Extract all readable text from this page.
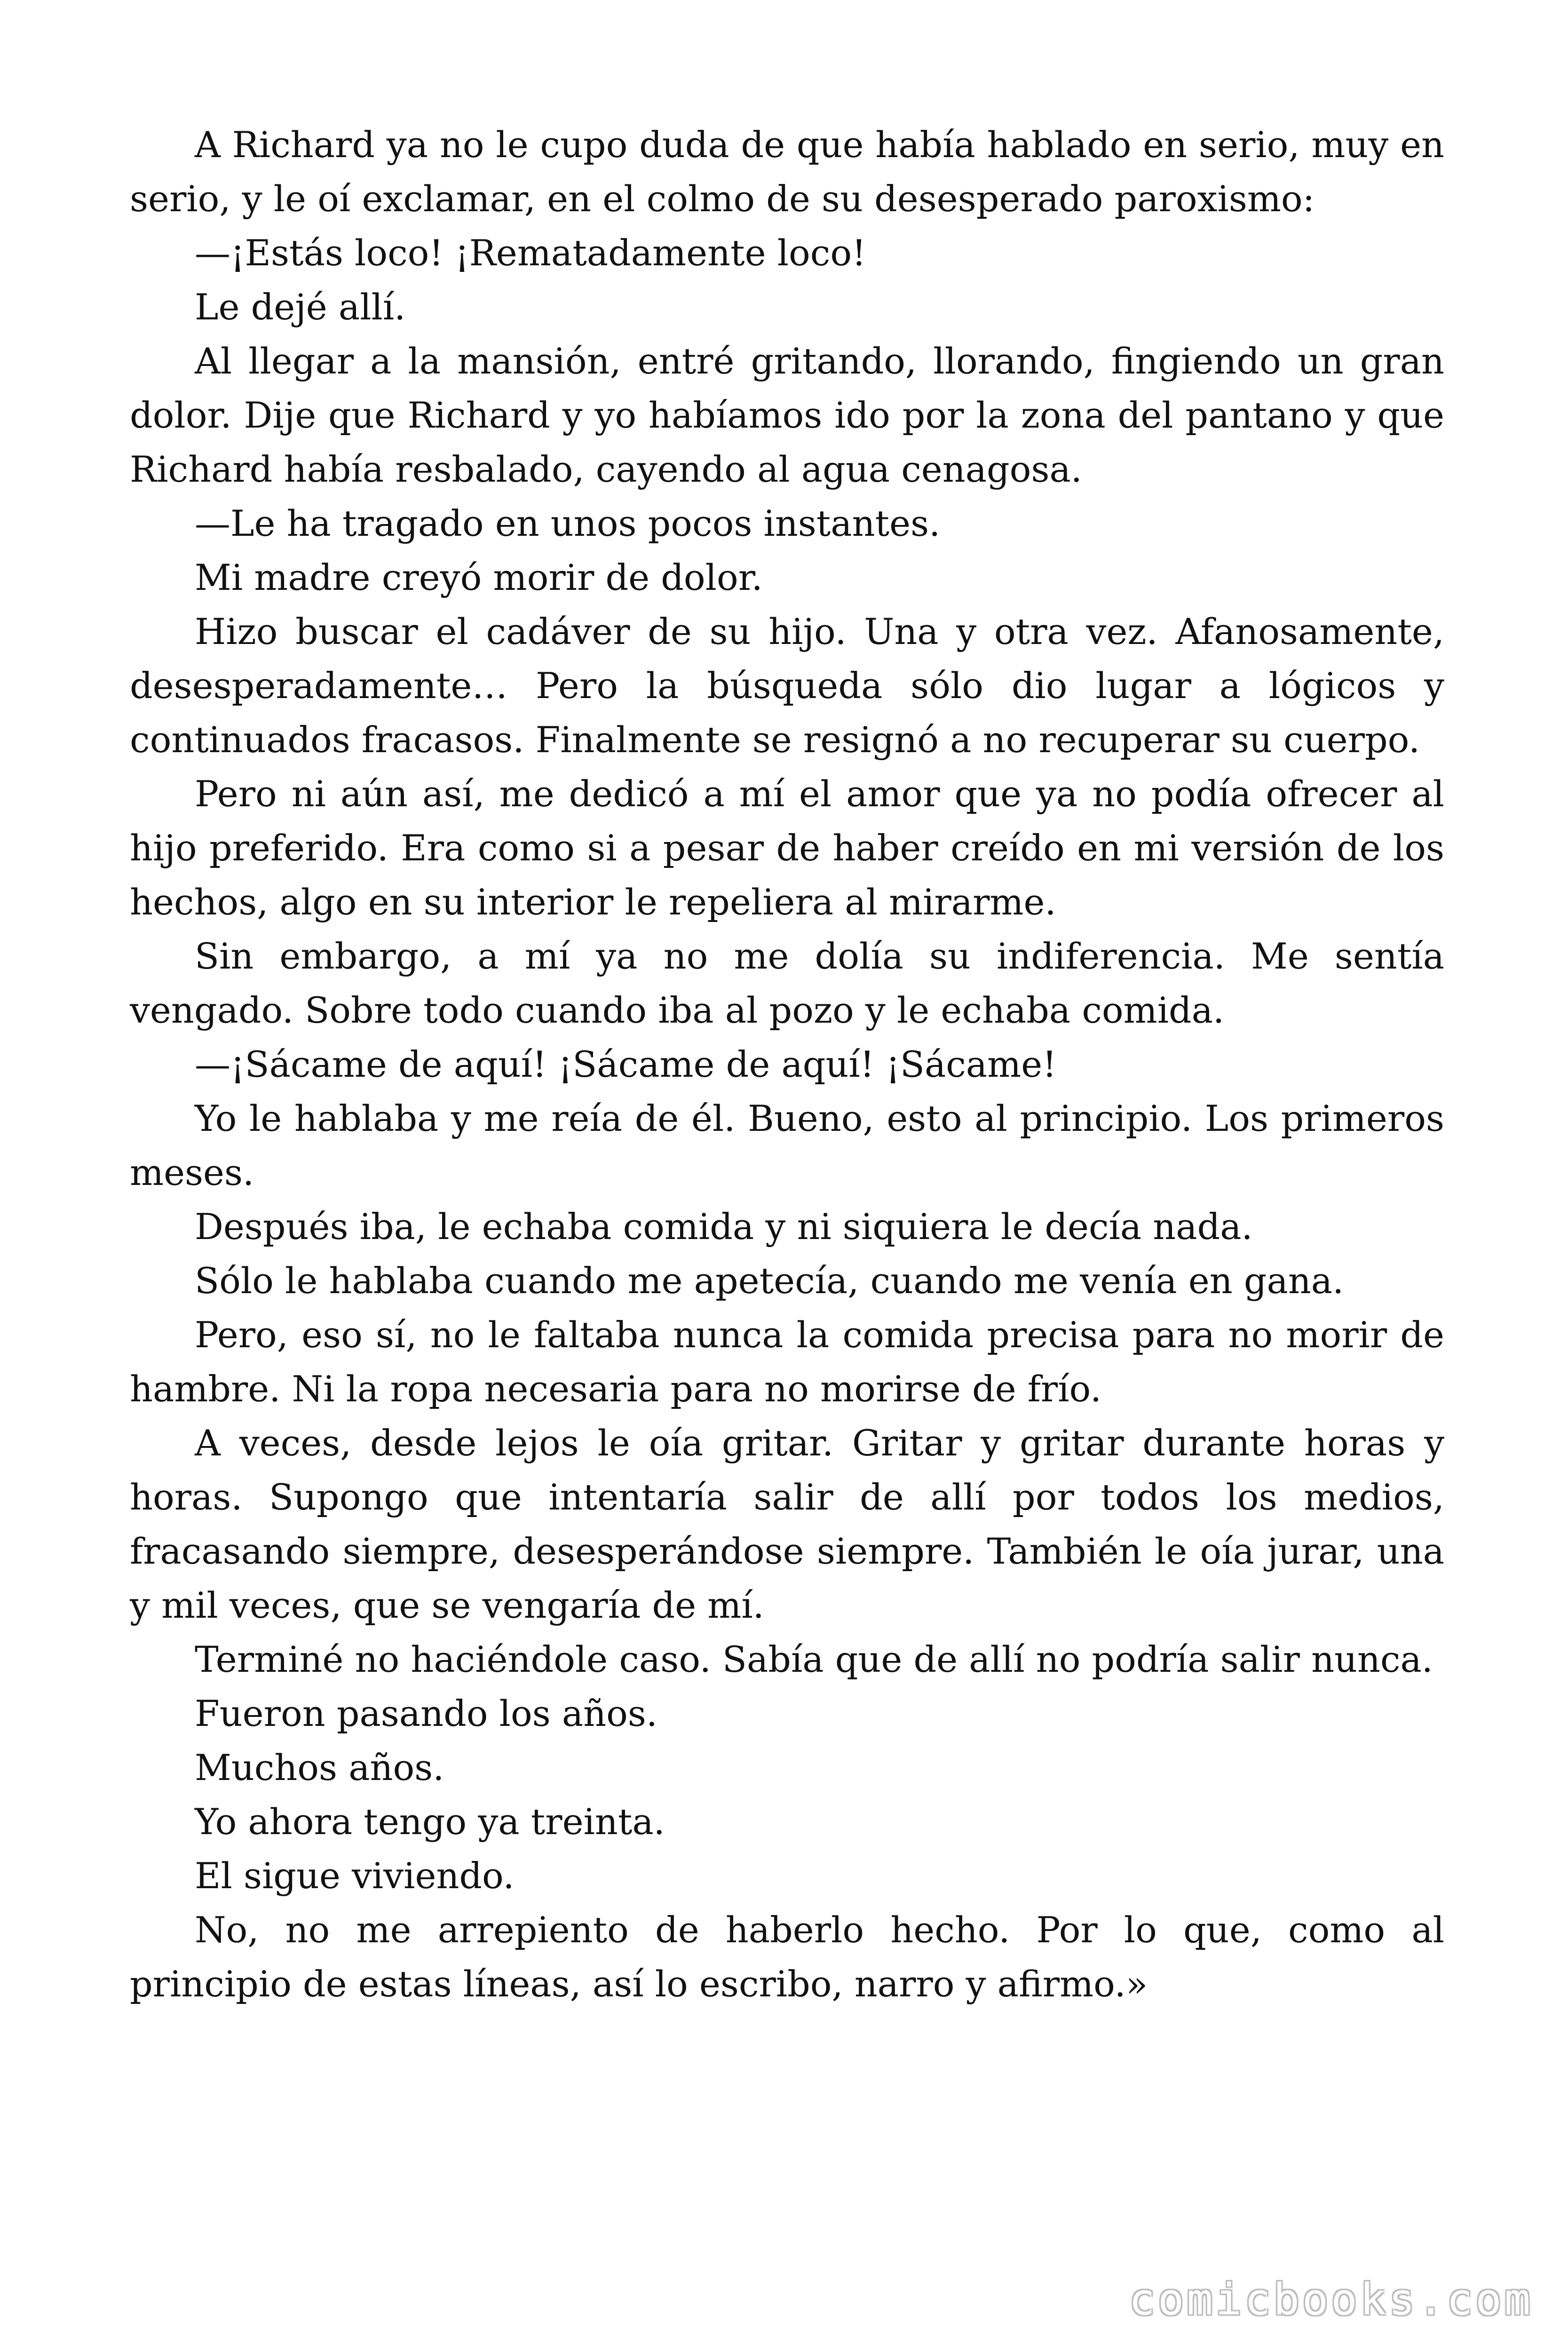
A Richard ya no le cupo duda de que había hablado en serio, muy en serio, y le oí exclamar, en el colmo de su desesperado paroxismo:

—¡Estás loco! ¡Rematadamente loco!

Le dejé allí.

Al llegar a la mansión, entré gritando, llorando, fingiendo un gran dolor. Dije que Richard y yo habíamos ido por la zona del pantano y que Richard había resbalado, cayendo al agua cenagosa.

—Le ha tragado en unos pocos instantes.

Mi madre creyó morir de dolor.

Hizo buscar el cadáver de su hijo. Una y otra vez. Afanosamente, desesperadamente… Pero la búsqueda sólo dio lugar a lógicos y continuados fracasos. Finalmente se resignó a no recuperar su cuerpo.

Pero ni aún así, me dedicó a mí el amor que ya no podía ofrecer al hijo preferido. Era como si a pesar de haber creído en mi versión de los hechos, algo en su interior le repeliera al mirarme.

Sin embargo, a mí ya no me dolía su indiferencia. Me sentía vengado. Sobre todo cuando iba al pozo y le echaba comida.

—¡Sácame de aquí! ¡Sácame de aquí! ¡Sácame!

Yo le hablaba y me reía de él. Bueno, esto al principio. Los primeros meses.

Después iba, le echaba comida y ni siquiera le decía nada.

Sólo le hablaba cuando me apetecía, cuando me venía en gana.

Pero, eso sí, no le faltaba nunca la comida precisa para no morir de hambre. Ni la ropa necesaria para no morirse de frío.

A veces, desde lejos le oía gritar. Gritar y gritar durante horas y horas. Supongo que intentaría salir de allí por todos los medios, fracasando siempre, desesperándose siempre. También le oía jurar, una y mil veces, que se vengaría de mí.

Terminé no haciéndole caso. Sabía que de allí no podría salir nunca.

Fueron pasando los años.

Muchos años.

Yo ahora tengo ya treinta.

El sigue viviendo.

No, no me arrepiento de haberlo hecho. Por lo que, como al principio de estas líneas, así lo escribo, narro y afirmo.»

comicbooks.com
